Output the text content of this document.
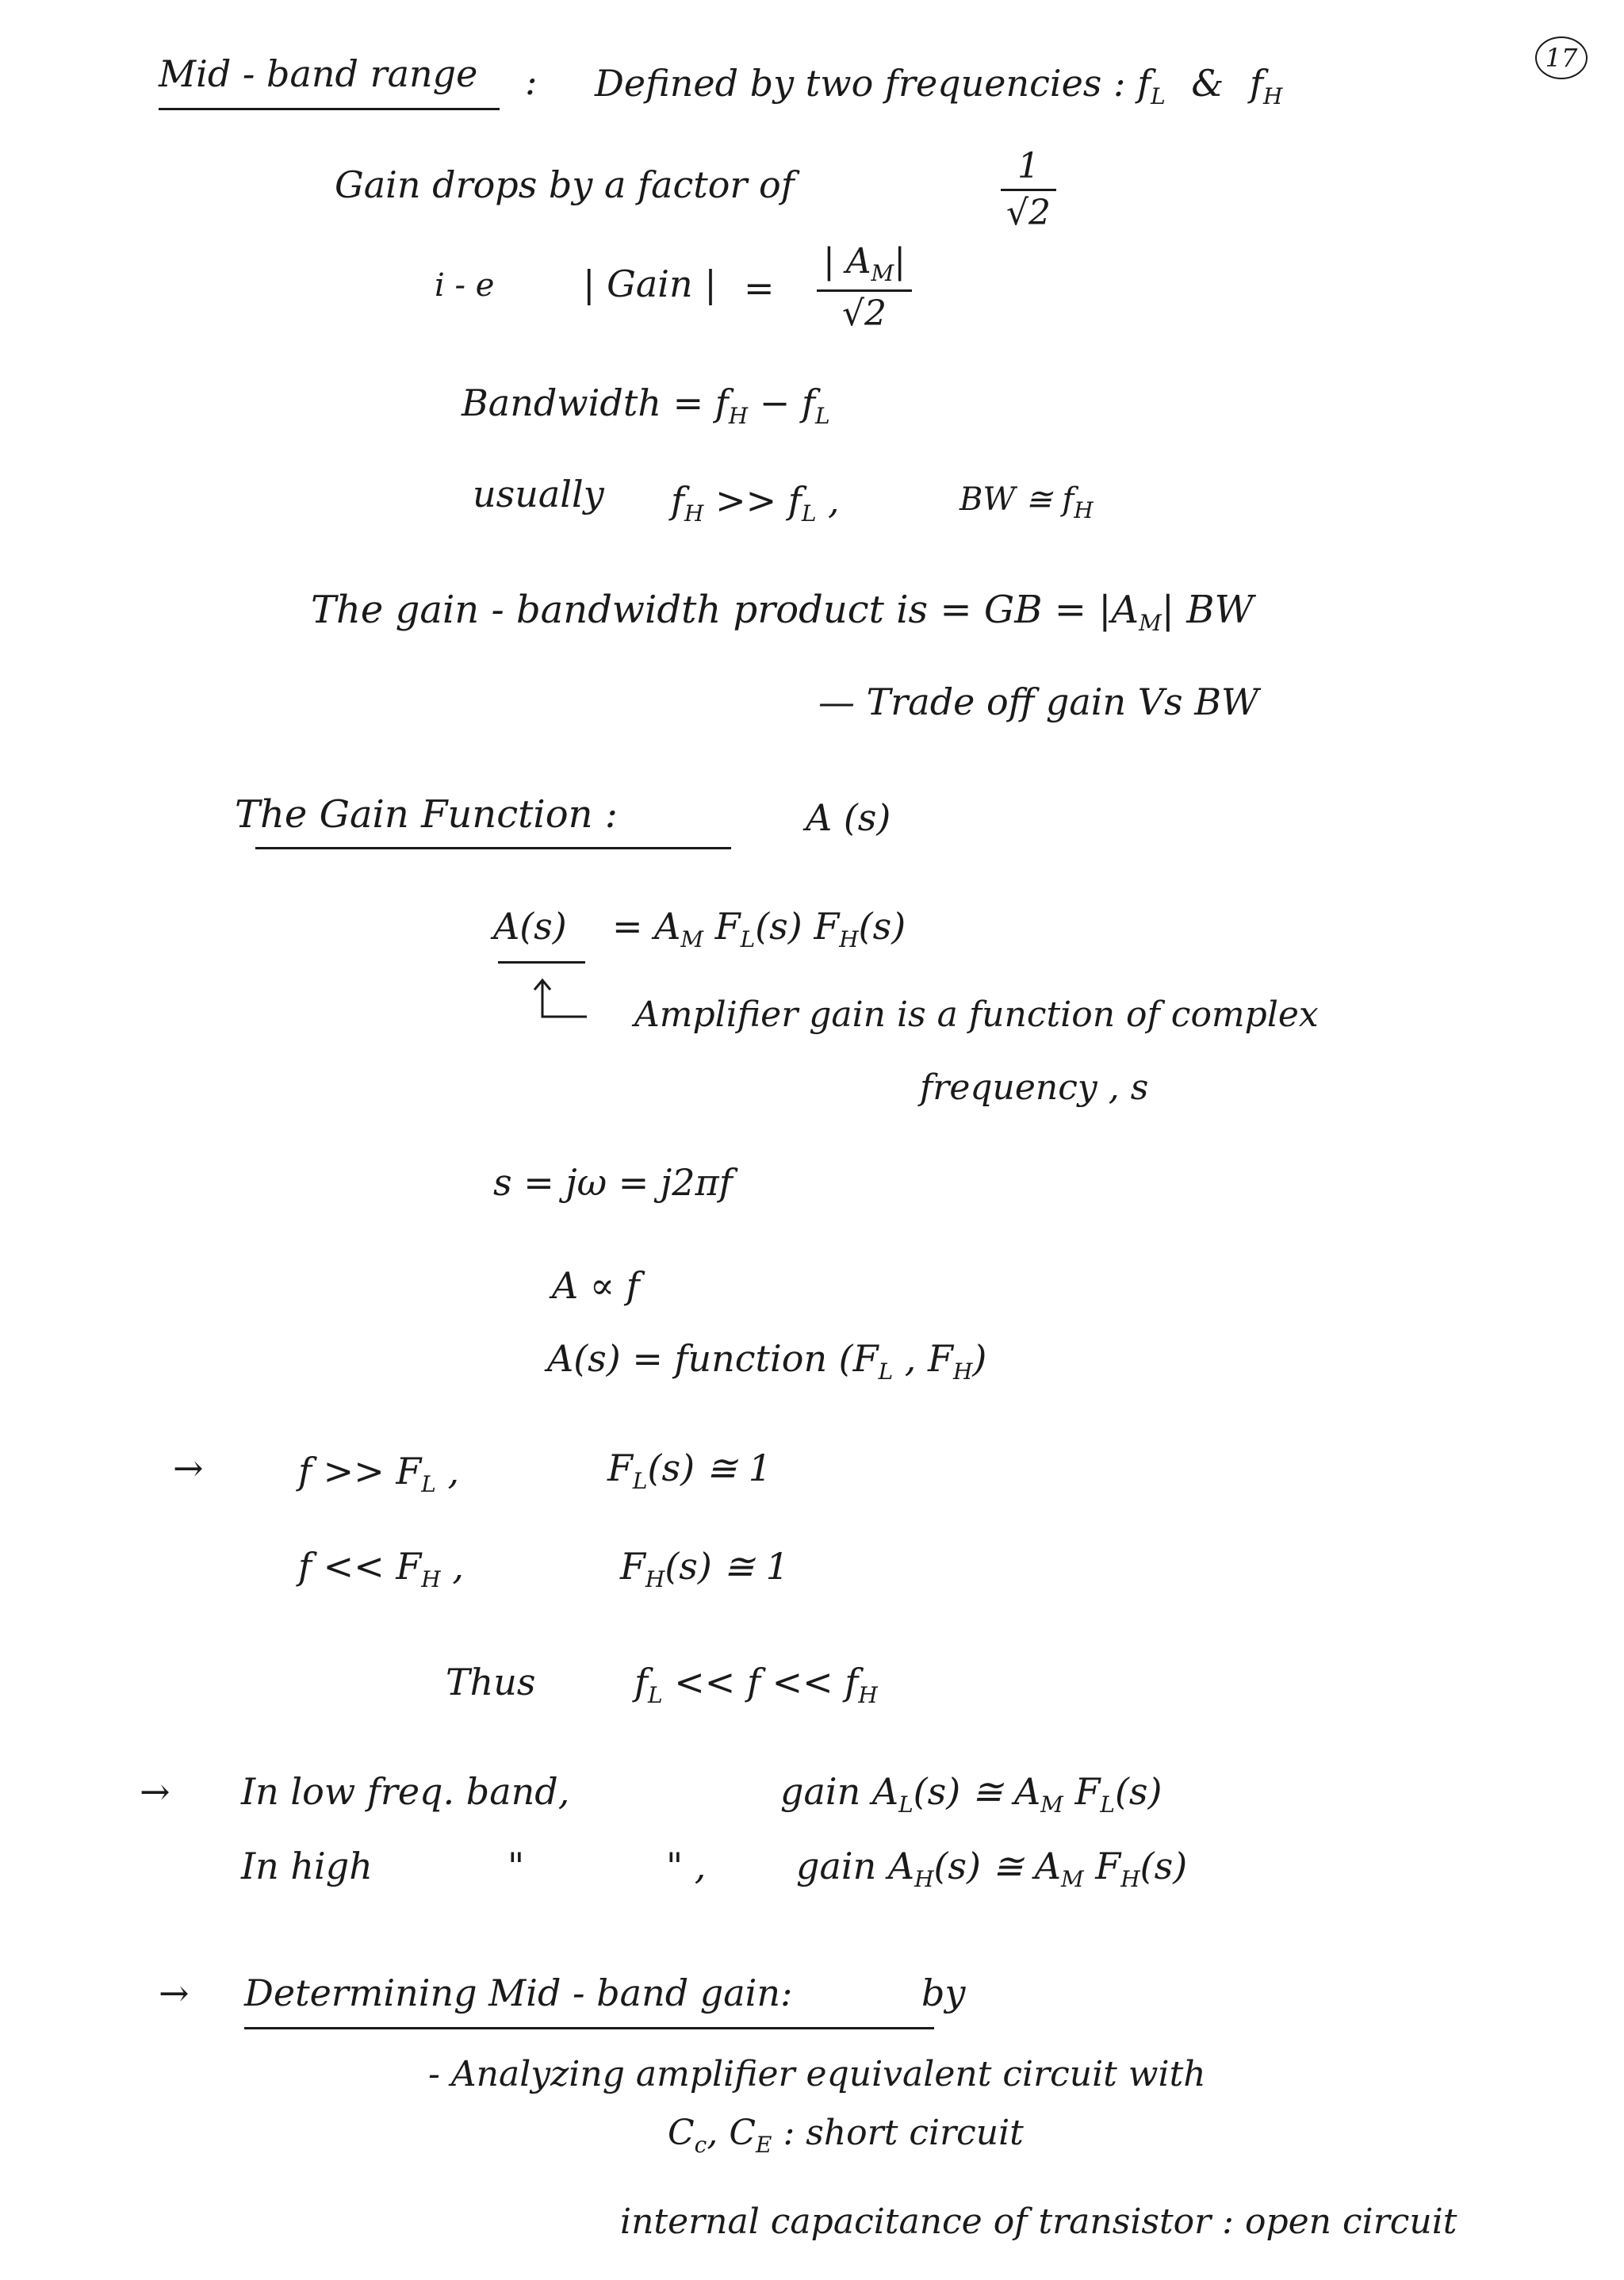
17
Mid - band range : Defined by two frequencies : $f_L$ & $f_H$
Gain drops by a factor of	1
√2
i - e | Gain | =
| $A_M|$
√2
Bandwidth = $f_H - f_L$
usually $f_H >> f_L$ ,	BW ≅ $f_H$
The gain - bandwidth product is = GB = $|A_M|$ BW
— Trade off gain Vs BW
The Gain Function :	A (s)
$A(s) = A_M$ $F_L(s)$ $F_H(s)$
Amplifier gain is a function of complex
frequency , s
s = jω = j2πf
A ∝ f
A(s) = function ($F_L$ , $F_H$)
→	$f >> F_L$ ,	$F_L(s)$ ≅ 1
$f << F_H$ ,	$F_H(s)$ ≅ 1
Thus	$f_L << f << f_H$
→ In low freq. band,	gain $A_L(s)$ ≅ $A_M$ $F_L(s)$
In high	"	" , gain $A_H(s)$ ≅ $A_M$ $F_H(s)$
→ Determining Mid - band gain:	by
- Analyzing amplifier equivalent circuit with
$C_c$, $C_E$ : short circuit
internal capacitance of transistor : open circuit
